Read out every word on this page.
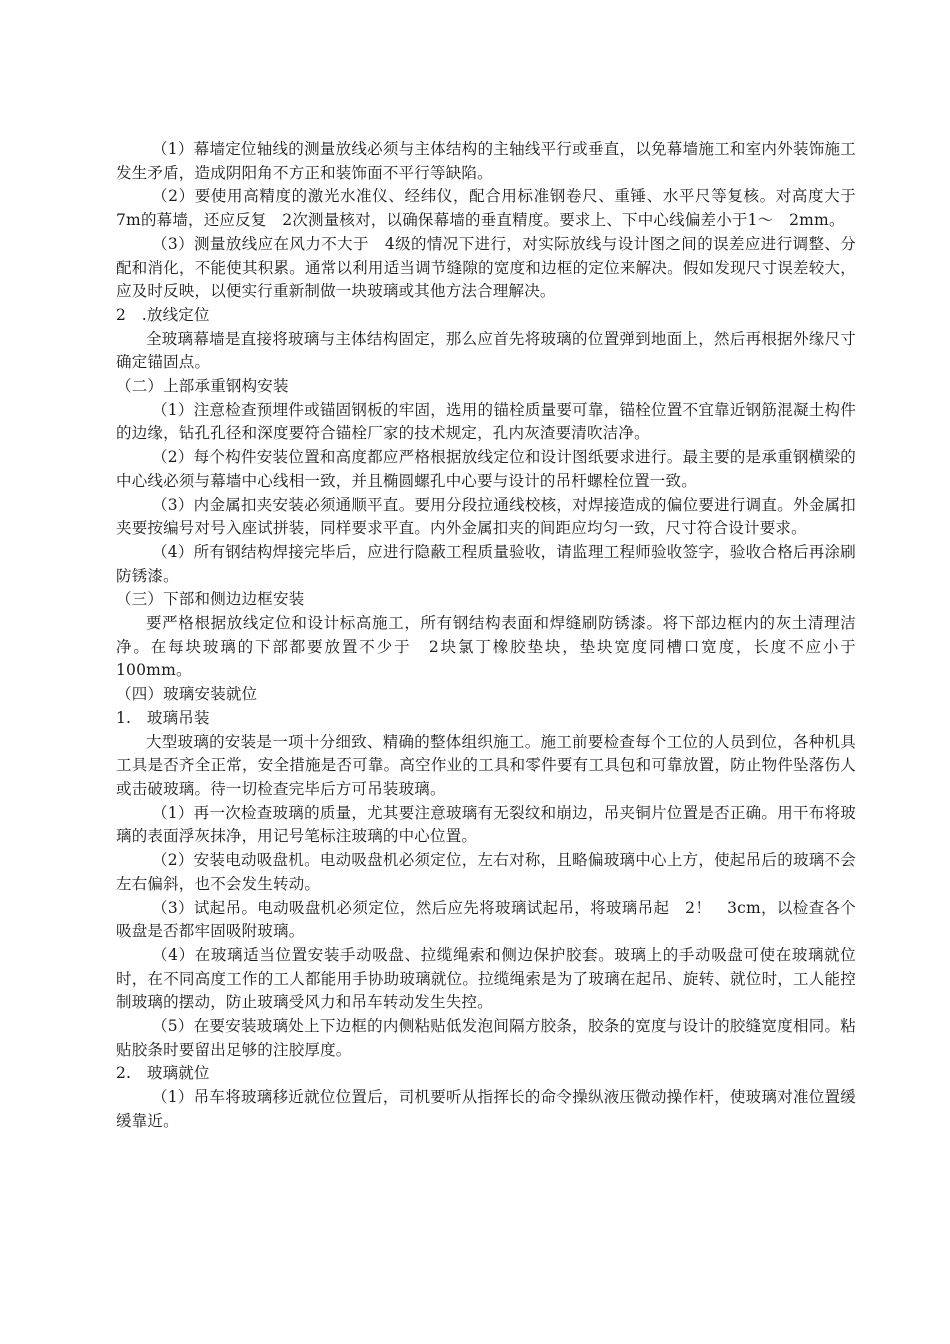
（1）幕墙定位轴线的测量放线必须与主体结构的主轴线平行或垂直，以免幕墙施工和室内外装饰施工发生矛盾，造成阴阳角不方正和装饰面不平行等缺陷。

（2）要使用高精度的激光水准仪、经纬仪，配合用标准钢卷尺、重锤、水平尺等复核。对高度大于　7m的幕墙，还应反复　2次测量核对，以确保幕墙的垂直精度。要求上、下中心线偏差小于1～　2mm。

（3）测量放线应在风力不大于　4级的情况下进行，对实际放线与设计图之间的误差应进行调整、分配和消化，不能使其积累。通常以利用适当调节缝隙的宽度和边框的定位来解决。假如发现尺寸误差较大，应及时反映，以便实行重新制做一块玻璃或其他方法合理解决。

2　.放线定位

全玻璃幕墙是直接将玻璃与主体结构固定，那么应首先将玻璃的位置弹到地面上，然后再根据外缘尺寸确定锚固点。

（二）上部承重钢构安装

（1）注意检查预埋件或锚固钢板的牢固，选用的锚栓质量要可靠，锚栓位置不宜靠近钢筋混凝土构件的边缘，钻孔孔径和深度要符合锚栓厂家的技术规定，孔内灰渣要清吹洁净。

（2）每个构件安装位置和高度都应严格根据放线定位和设计图纸要求进行。最主要的是承重钢横梁的中心线必须与幕墙中心线相一致，并且椭圆螺孔中心要与设计的吊杆螺栓位置一致。

（3）内金属扣夹安装必须通顺平直。要用分段拉通线校核，对焊接造成的偏位要进行调直。外金属扣夹要按编号对号入座试拼装，同样要求平直。内外金属扣夹的间距应均匀一致，尺寸符合设计要求。

（4）所有钢结构焊接完毕后，应进行隐蔽工程质量验收，请监理工程师验收签字，验收合格后再涂刷防锈漆。

（三）下部和侧边边框安装

要严格根据放线定位和设计标高施工，所有钢结构表面和焊缝刷防锈漆。将下部边框内的灰土清理洁净。在每块玻璃的下部都要放置不少于　2块氯丁橡胶垫块，垫块宽度同槽口宽度，长度不应小于　100mm。

（四）玻璃安装就位

1.　玻璃吊装

大型玻璃的安装是一项十分细致、精确的整体组织施工。施工前要检查每个工位的人员到位，各种机具工具是否齐全正常，安全措施是否可靠。高空作业的工具和零件要有工具包和可靠放置，防止物件坠落伤人或击破玻璃。待一切检查完毕后方可吊装玻璃。

（1）再一次检查玻璃的质量，尤其要注意玻璃有无裂纹和崩边，吊夹铜片位置是否正确。用干布将玻璃的表面浮灰抹净，用记号笔标注玻璃的中心位置。

（2）安装电动吸盘机。电动吸盘机必须定位，左右对称，且略偏玻璃中心上方，使起吊后的玻璃不会左右偏斜，也不会发生转动。

（3）试起吊。电动吸盘机必须定位，然后应先将玻璃试起吊，将玻璃吊起　2！　3cm，以检查各个吸盘是否都牢固吸附玻璃。

（4）在玻璃适当位置安装手动吸盘、拉缆绳索和侧边保护胶套。玻璃上的手动吸盘可使在玻璃就位时，在不同高度工作的工人都能用手协助玻璃就位。拉缆绳索是为了玻璃在起吊、旋转、就位时，工人能控制玻璃的摆动，防止玻璃受风力和吊车转动发生失控。

（5）在要安装玻璃处上下边框的内侧粘贴低发泡间隔方胶条，胶条的宽度与设计的胶缝宽度相同。粘贴胶条时要留出足够的注胶厚度。

2.　玻璃就位

（1）吊车将玻璃移近就位位置后，司机要听从指挥长的命令操纵液压微动操作杆，使玻璃对准位置缓缓靠近。
